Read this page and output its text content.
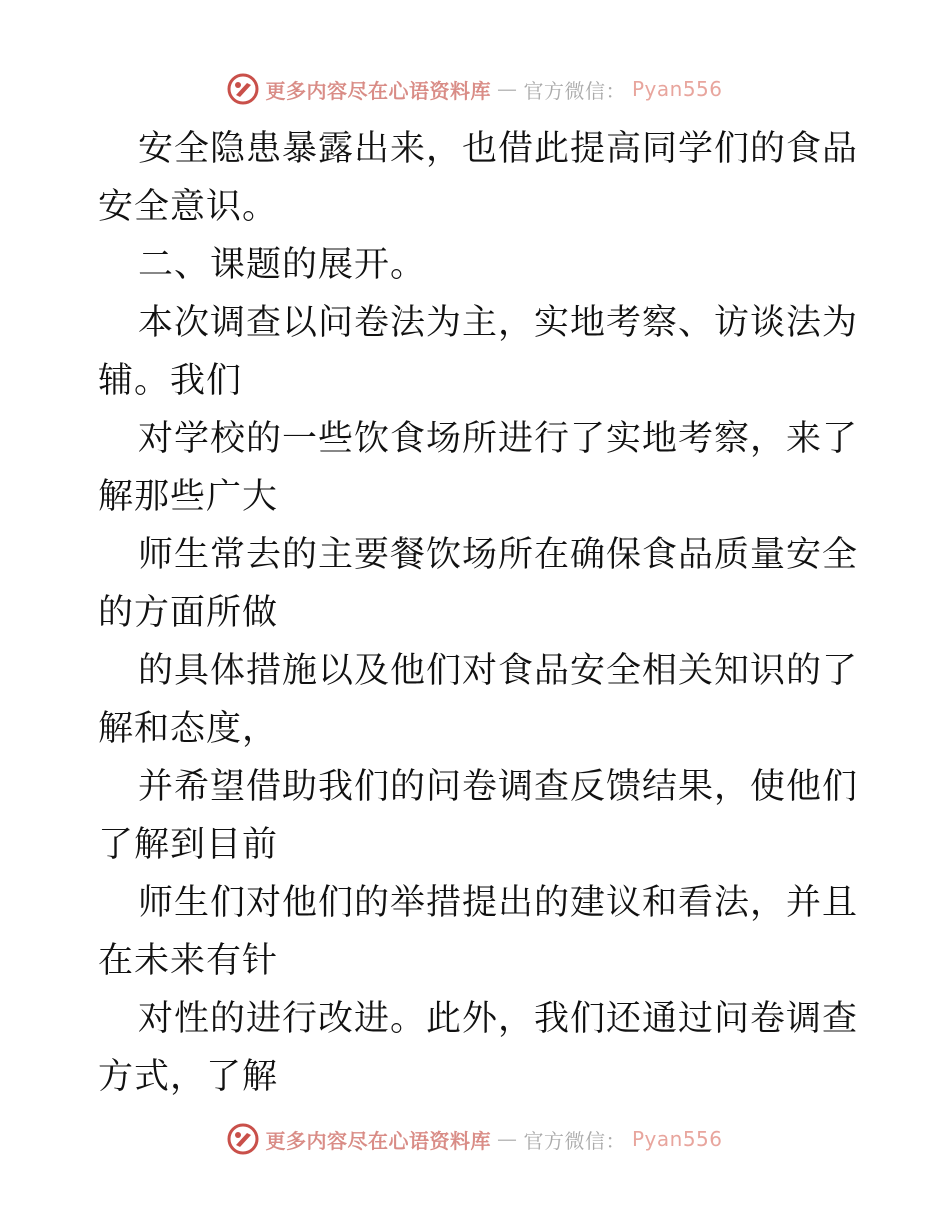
更多内容尽在心语资料库 — 官方微信： Pyan556

安全隐患暴露出来，也借此提高同学们的食品安全意识。

二、课题的展开。

本次调查以问卷法为主，实地考察、访谈法为辅。我们

对学校的一些饮食场所进行了实地考察，来了解那些广大

师生常去的主要餐饮场所在确保食品质量安全的方面所做

的具体措施以及他们对食品安全相关知识的了解和态度，

并希望借助我们的问卷调查反馈结果，使他们了解到目前

师生们对他们的举措提出的建议和看法，并且在未来有针

对性的进行改进。此外，我们还通过问卷调查方式，了解

更多内容尽在心语资料库 — 官方微信： Pyan556
